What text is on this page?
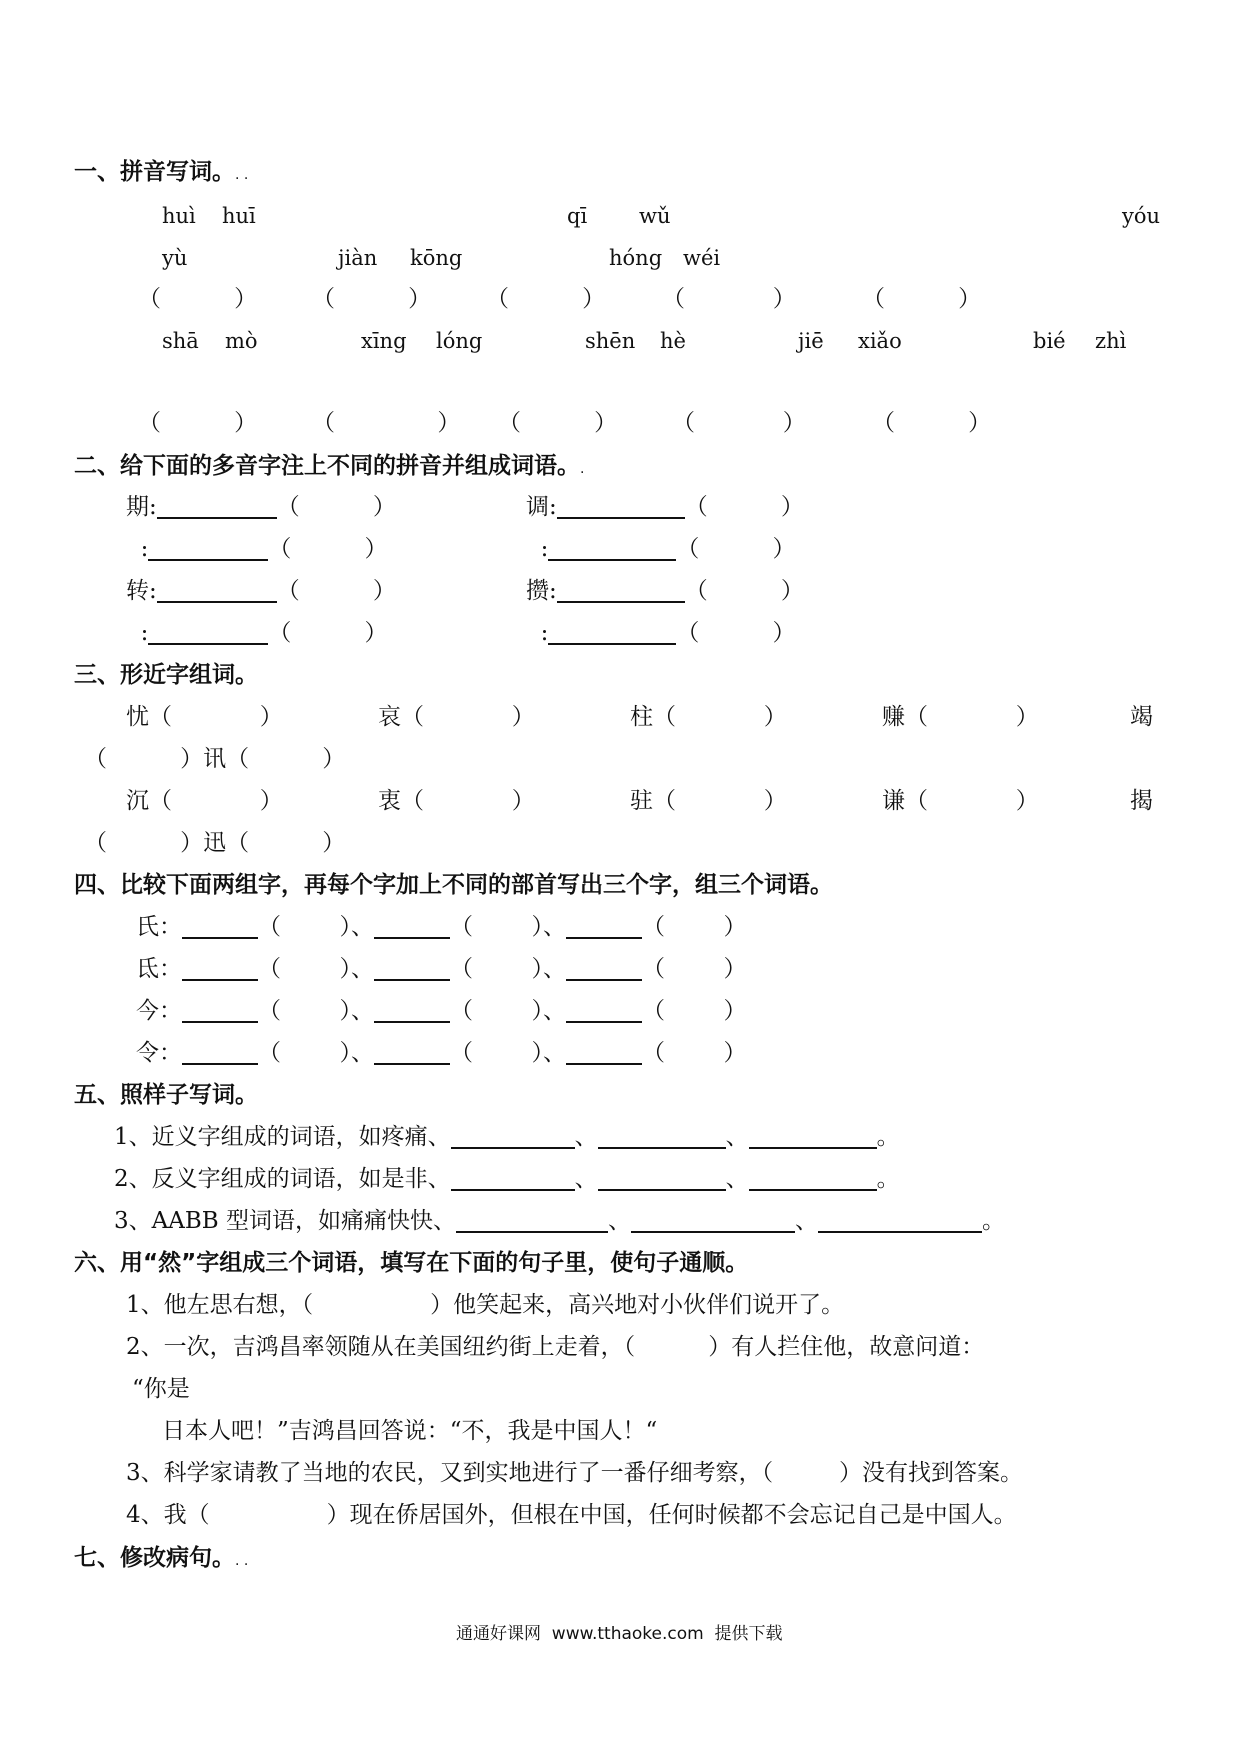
一、拼音写词。. .
huì huī	qī wǔ	yóu
yù	jiàn kōng	hóng wéi
（          ） （          ） （          ） （            ）	（          ）
shā mò	xīng lóng	shēn hè	jiē xiǎo	bié zhì
（          ） （              ） （          ） （            ）	（          ）
二、给下面的多音字注上不同的拼音并组成词语。.
期:	（          ）	调:	（          ）
:	（          ）	:	（          ）
转:	（          ）	攒:	（          ）
:	（          ）	:	（          ）
三、形近字组词。
忧（            ）	哀（            ）	柱（            ）	赚（            ）	竭
（          ）讯（          ）
沉（            ）	衷（            ）	驻（            ）	谦（            ）	揭
（          ）迅（          ）
四、比较下面两组字，再每个字加上不同的部首写出三个字，组三个词语。
氏：	（        ）、	（        ）、	（        ）
氐：	（        ）、	（        ）、	（        ）
今：	（        ）、	（        ）、	（        ）
令：	（        ）、	（        ）、	（        ）
五、照样子写词。
1、近义字组成的词语，如疼痛、	、	、	。
2、反义字组成的词语，如是非、	、	、	。
3、AABB 型词语，如痛痛快快、	、	、	。
六、用“然”字组成三个词语，填写在下面的句子里，使句子通顺。
1、他左思右想，（	）他笑起来，高兴地对小伙伴们说开了。
2、一次，吉鸿昌率领随从在美国纽约街上走着，（	）有人拦住他，故意问道：
“你是
日本人吧！”吉鸿昌回答说：“不，我是中国人！“
3、科学家请教了当地的农民，又到实地进行了一番仔细考察，（	）没有找到答案。
4、我（	）现在侨居国外，但根在中国，任何时候都不会忘记自己是中国人。
七、修改病句。. .
通通好课网  www.tthaoke.com  提供下载
